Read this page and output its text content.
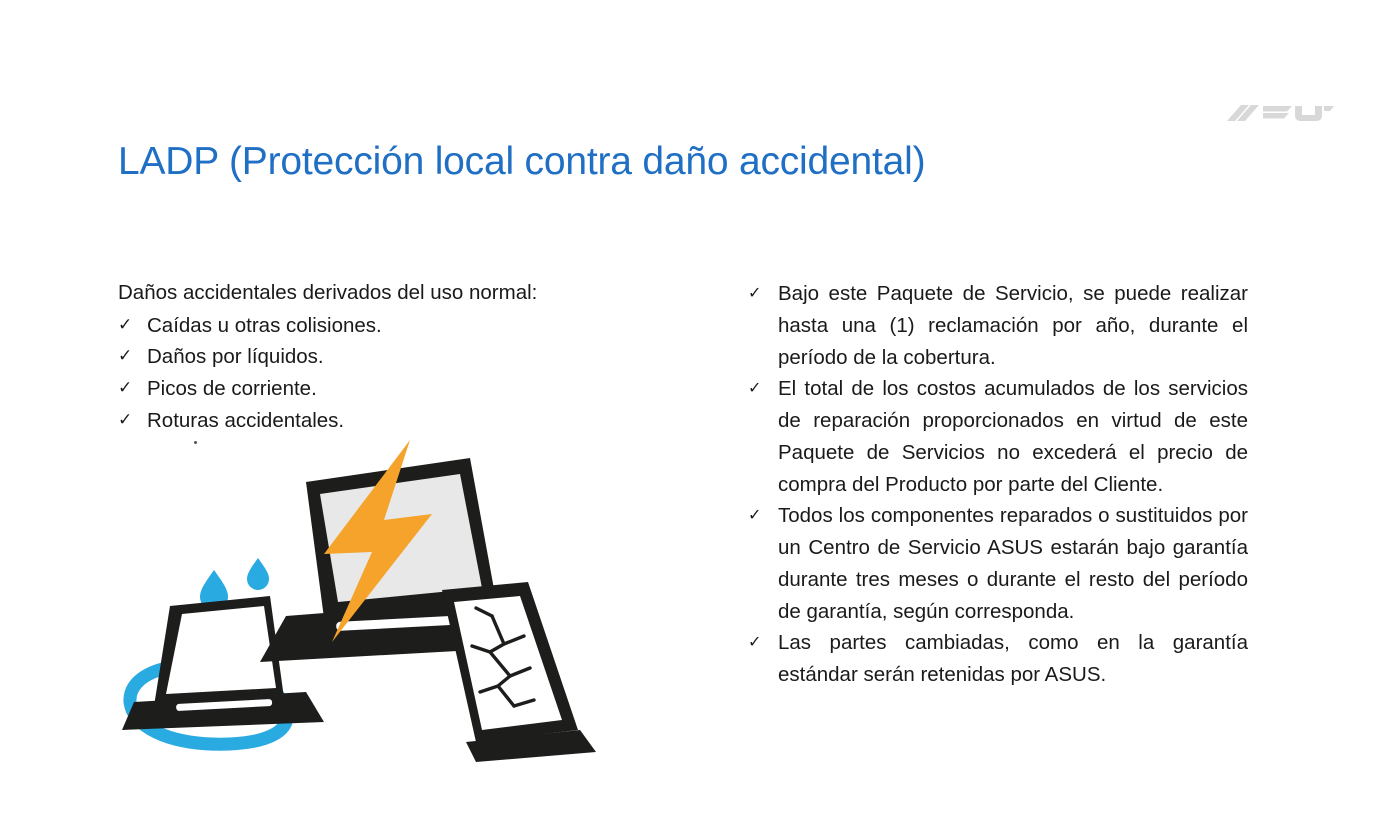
LADP (Protección local contra daño accidental)
Daños accidentales derivados del uso normal:
✓ Caídas u otras colisiones.
✓ Daños por líquidos.
✓ Picos de corriente.
✓ Roturas accidentales.
✓ Bajo este Paquete de Servicio, se puede realizar hasta una (1) reclamación por año, durante el período de la cobertura.
✓ El total de los costos acumulados de los servicios de reparación proporcionados en virtud de este Paquete de Servicios no excederá el precio de compra del Producto por parte del Cliente.
✓ Todos los componentes reparados o sustituidos por un Centro de Servicio ASUS estarán bajo garantía durante tres meses o durante el resto del período de garantía, según corresponda.
✓ Las partes cambiadas, como en la garantía estándar serán retenidas por ASUS.
